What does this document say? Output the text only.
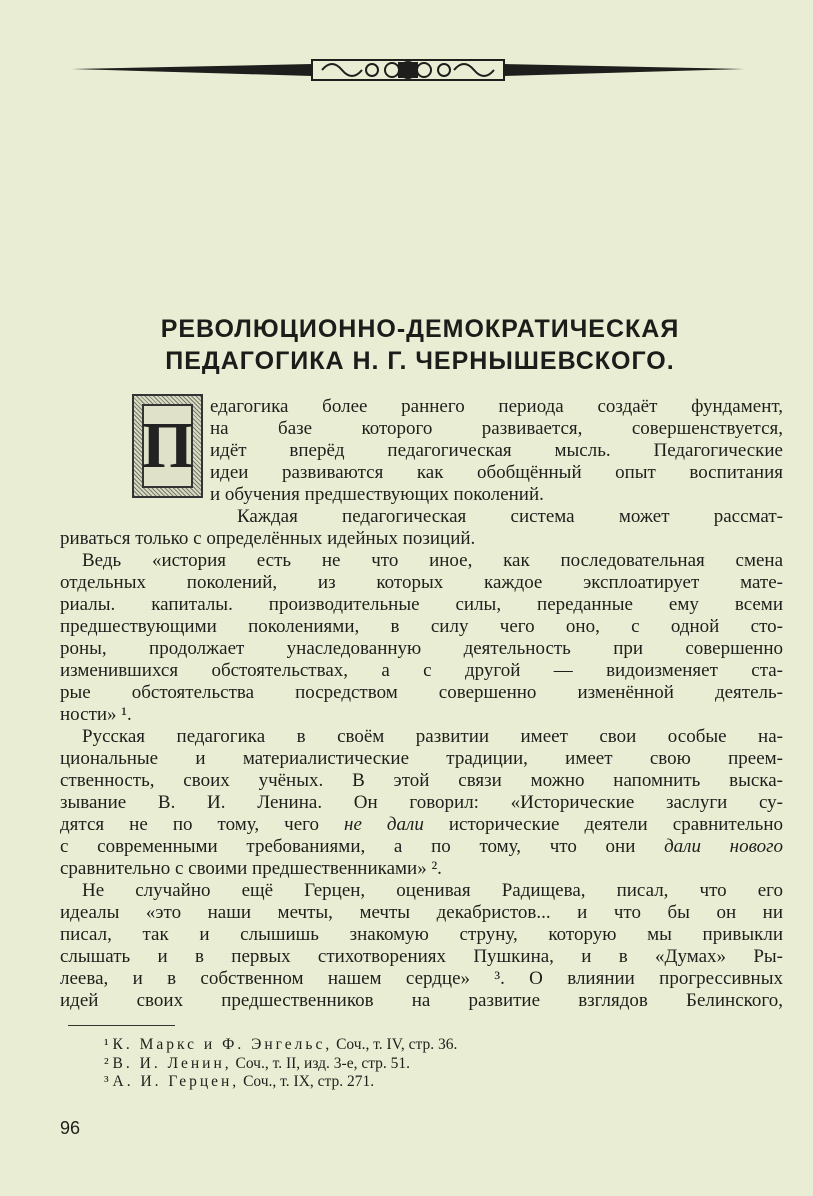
РЕВОЛЮЦИОННО-ДЕМОКРАТИЧЕСКАЯ
ПЕДАГОГИКА Н. Г. ЧЕРНЫШЕВСКОГО.
П
едагогика более раннего периода создаёт фундамент,
на базе которого развивается, совершенствуется,
идёт вперёд педагогическая мысль. Педагогические
идеи развиваются как обобщённый опыт воспитания
и обучения предшествующих поколений.
Каждая педагогическая система может рассмат-
риваться только с определённых идейных позиций.
Ведь «история есть не что иное, как последовательная смена
отдельных поколений, из которых каждое эксплоатирует мате-
риалы. капиталы. производительные силы, переданные ему всеми
предшествующими поколениями, в силу чего оно, с одной сто-
роны, продолжает унаследованную деятельность при совершенно
изменившихся обстоятельствах, а с другой — видоизменяет ста-
рые обстоятельства посредством совершенно изменённой деятель-
ности» ¹.
Русская педагогика в своём развитии имеет свои особые на-
циональные и материалистические традиции, имеет свою преем-
ственность, своих учёных. В этой связи можно напомнить выска-
зывание В. И. Ленина. Он говорил: «Исторические заслуги су-
дятся не по тому, чего не дали исторические деятели сравнительно
с современными требованиями, а по тому, что они дали нового
сравнительно с своими предшественниками» ².
Не случайно ещё Герцен, оценивая Радищева, писал, что его
идеалы «это наши мечты, мечты декабристов... и что бы он ни
писал, так и слышишь знакомую струну, которую мы привыкли
слышать и в первых стихотворениях Пушкина, и в «Думах» Ры-
леева, и в собственном нашем сердце» ³. О влиянии прогрессивных
идей своих предшественников на развитие взглядов Белинского,
¹ К. Маркс и Ф. Энгельс, Соч., т. IV, стр. 36.
² В. И. Ленин, Соч., т. II, изд. 3-е, стр. 51.
³ А. И. Герцен, Соч., т. IX, стр. 271.
96
